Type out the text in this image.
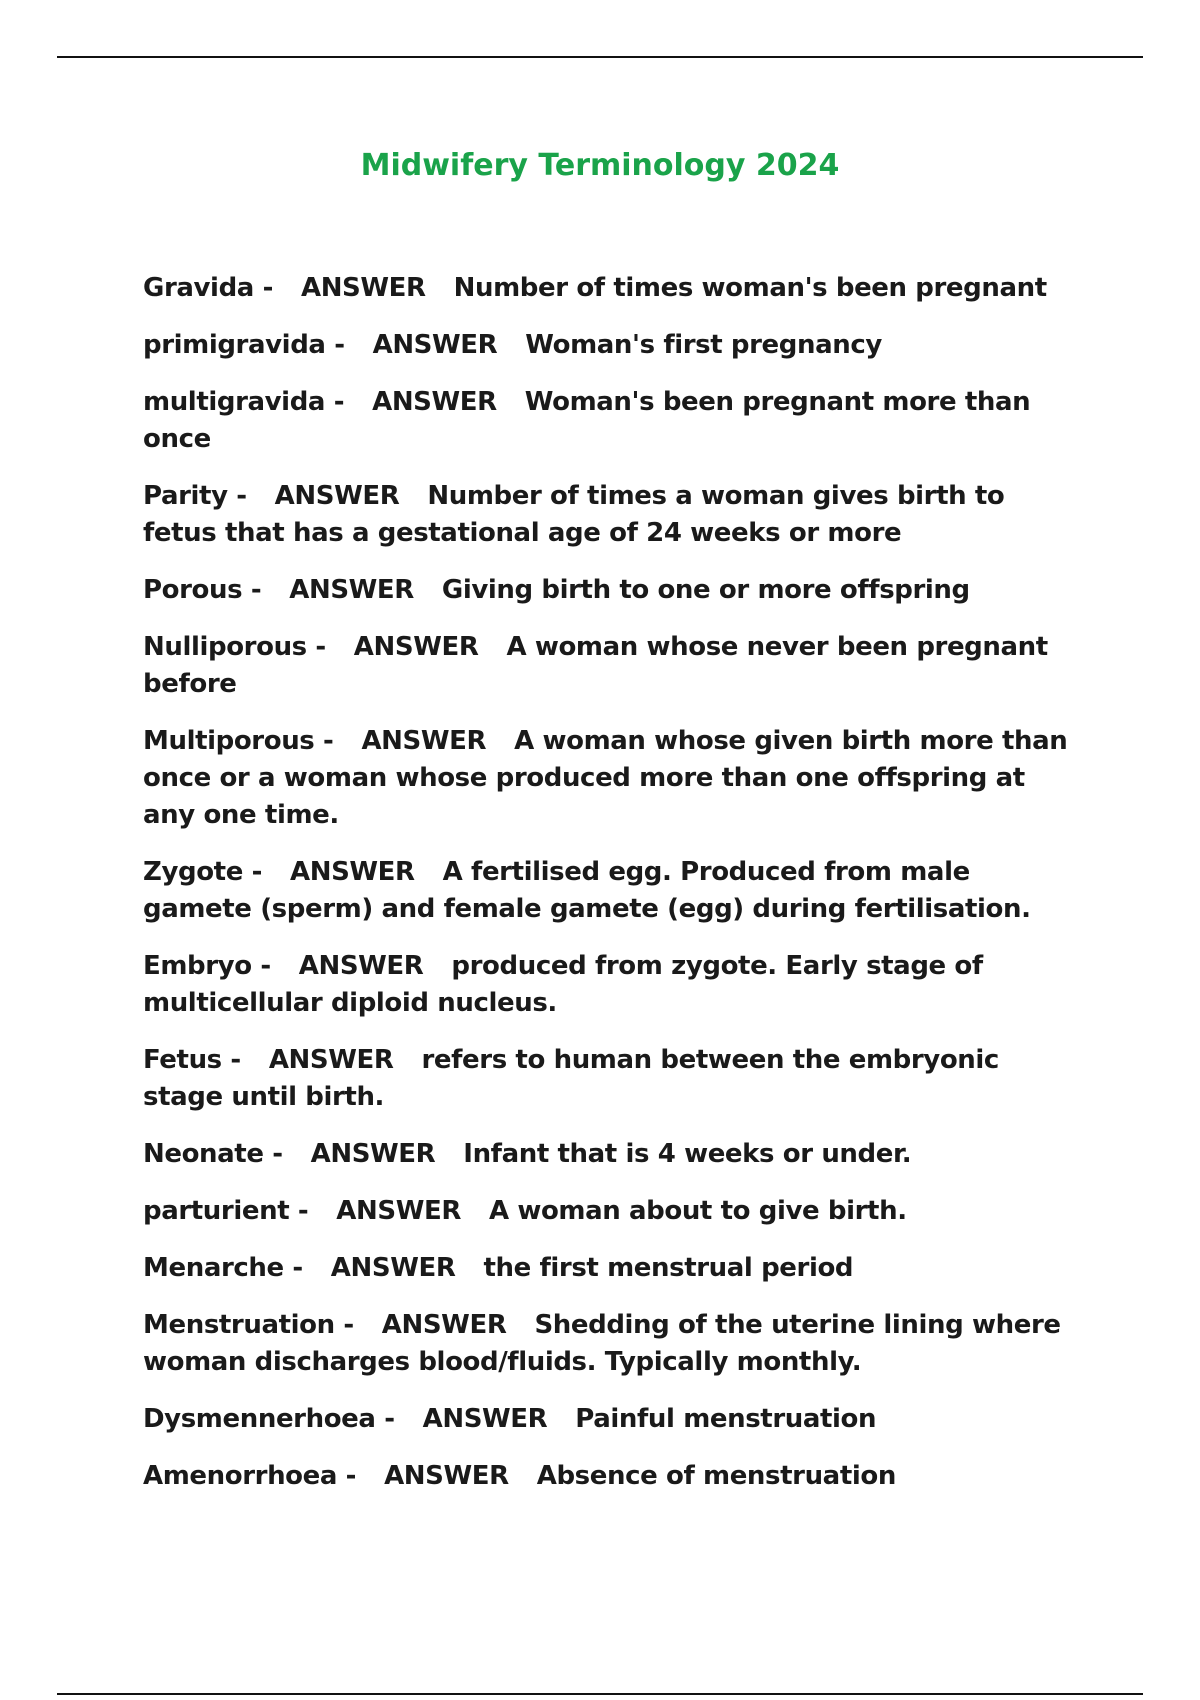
Midwifery Terminology 2024
Gravida - ANSWER Number of times woman's been pregnant
primigravida - ANSWER Woman's first pregnancy
multigravida - ANSWER Woman's been pregnant more than once
Parity - ANSWER Number of times a woman gives birth to fetus that has a gestational age of 24 weeks or more
Porous - ANSWER Giving birth to one or more offspring
Nulliporous - ANSWER A woman whose never been pregnant before
Multiporous - ANSWER A woman whose given birth more than once or a woman whose produced more than one offspring at any one time.
Zygote - ANSWER A fertilised egg. Produced from male gamete (sperm) and female gamete (egg) during fertilisation.
Embryo - ANSWER produced from zygote. Early stage of multicellular diploid nucleus.
Fetus - ANSWER refers to human between the embryonic stage until birth.
Neonate - ANSWER Infant that is 4 weeks or under.
parturient - ANSWER A woman about to give birth.
Menarche - ANSWER the first menstrual period
Menstruation - ANSWER Shedding of the uterine lining where woman discharges blood/fluids. Typically monthly.
Dysmennerhoea - ANSWER Painful menstruation
Amenorrhoea - ANSWER Absence of menstruation
